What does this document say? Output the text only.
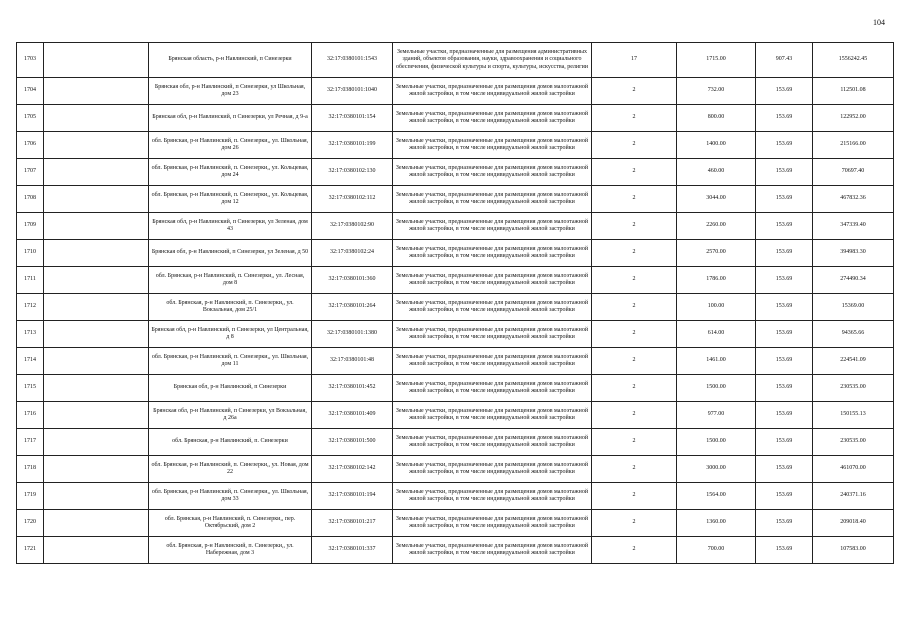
104
1703		Брянская область, р-н Навлинский, п Синезерки	32:17:0380101:1543	Земельные участки, предназначенные для размещения административных зданий, объектов образования, науки, здравоохранения и социального обеспечения, физической культуры и спорта, культуры, искусства, религии	17	1715.00	907.43	1556242.45
1704		Брянская обл, р-н Навлинский, п Синезерки, ул Школьная, дом 23	32:17:0380101:1040	Земельные участки, предназначенные для размещения домов малоэтажной жилой застройки, в том числе индивидуальной жилой застройки	2	732.00	153.69	112501.08
1705		Брянская обл, р-н Навлинский, п Синезерки, ул Речная, д 9-а	32:17:0380101:154	Земельные участки, предназначенные для размещения домов малоэтажной жилой застройки, в том числе индивидуальной жилой застройки	2	800.00	153.69	122952.00
1706		обл. Брянская, р-н Навлинский, п. Синезерки,, ул. Школьная, дом 26	32:17:0380101:199	Земельные участки, предназначенные для размещения домов малоэтажной жилой застройки, в том числе индивидуальной жилой застройки	2	1400.00	153.69	215166.00
1707		обл. Брянская, р-н Навлинский, п. Синезерки,, ул. Кольцевая, дом 24	32:17:0380102:130	Земельные участки, предназначенные для размещения домов малоэтажной жилой застройки, в том числе индивидуальной жилой застройки	2	460.00	153.69	70697.40
1708		обл. Брянская, р-н Навлинский, п. Синезерки,, ул. Кольцевая, дом 12	32:17:0380102:112	Земельные участки, предназначенные для размещения домов малоэтажной жилой застройки, в том числе индивидуальной жилой застройки	2	3044.00	153.69	467832.36
1709		Брянская обл, р-н Навлинский, п Синезерки, ул Зеленая, дом 43	32:17:0380102:90	Земельные участки, предназначенные для размещения домов малоэтажной жилой застройки, в том числе индивидуальной жилой застройки	2	2260.00	153.69	347339.40
1710		Брянская обл, р-н Навлинский, п Синезерки, ул Зеленая, д 50	32:17:0380102:24	Земельные участки, предназначенные для размещения домов малоэтажной жилой застройки, в том числе индивидуальной жилой застройки	2	2570.00	153.69	394983.30
1711		обл. Брянская, р-н Навлинский, п. Синезерки,, ул. Лесная, дом 8	32:17:0380101:360	Земельные участки, предназначенные для размещения домов малоэтажной жилой застройки, в том числе индивидуальной жилой застройки	2	1786.00	153.69	274490.34
1712		обл. Брянская, р-н Навлинский, п. Синезерки,, ул. Вокзальная, дом 25/1	32:17:0380101:264	Земельные участки, предназначенные для размещения домов малоэтажной жилой застройки, в том числе индивидуальной жилой застройки	2	100.00	153.69	15369.00
1713		Брянская обл, р-н Навлинский, п Синезерки, ул Центральная, д 8	32:17:0380101:1380	Земельные участки, предназначенные для размещения домов малоэтажной жилой застройки, в том числе индивидуальной жилой застройки	2	614.00	153.69	94365.66
1714		обл. Брянская, р-н Навлинский, п. Синезерки,, ул. Школьная, дом 11	32:17:0380101:48	Земельные участки, предназначенные для размещения домов малоэтажной жилой застройки, в том числе индивидуальной жилой застройки	2	1461.00	153.69	224541.09
1715		Брянская обл, р-н Навлинский, п Синезерки	32:17:0380101:452	Земельные участки, предназначенные для размещения домов малоэтажной жилой застройки, в том числе индивидуальной жилой застройки	2	1500.00	153.69	230535.00
1716		Брянская обл, р-н Навлинский, п Синезерки, ул Вокзальная, д 26а	32:17:0380101:409	Земельные участки, предназначенные для размещения домов малоэтажной жилой застройки, в том числе индивидуальной жилой застройки	2	977.00	153.69	150155.13
1717		обл. Брянская, р-н Навлинский, п. Синезерки	32:17:0380101:500	Земельные участки, предназначенные для размещения домов малоэтажной жилой застройки, в том числе индивидуальной жилой застройки	2	1500.00	153.69	230535.00
1718		обл. Брянская, р-н Навлинский, п. Синезерки,, ул. Новая, дом 22	32:17:0380102:142	Земельные участки, предназначенные для размещения домов малоэтажной жилой застройки, в том числе индивидуальной жилой застройки	2	3000.00	153.69	461070.00
1719		обл. Брянская, р-н Навлинский, п. Синезерки,, ул. Школьная, дом 33	32:17:0380101:194	Земельные участки, предназначенные для размещения домов малоэтажной жилой застройки, в том числе индивидуальной жилой застройки	2	1564.00	153.69	240371.16
1720		обл. Брянская, р-н Навлинский, п. Синезерки,, пер. Октябрьский, дом 2	32:17:0380101:217	Земельные участки, предназначенные для размещения домов малоэтажной жилой застройки, в том числе индивидуальной жилой застройки	2	1360.00	153.69	209018.40
1721		обл. Брянская, р-н Навлинский, п. Синезерки,, ул. Набережная, дом 3	32:17:0380101:337	Земельные участки, предназначенные для размещения домов малоэтажной жилой застройки, в том числе индивидуальной жилой застройки	2	700.00	153.69	107583.00
